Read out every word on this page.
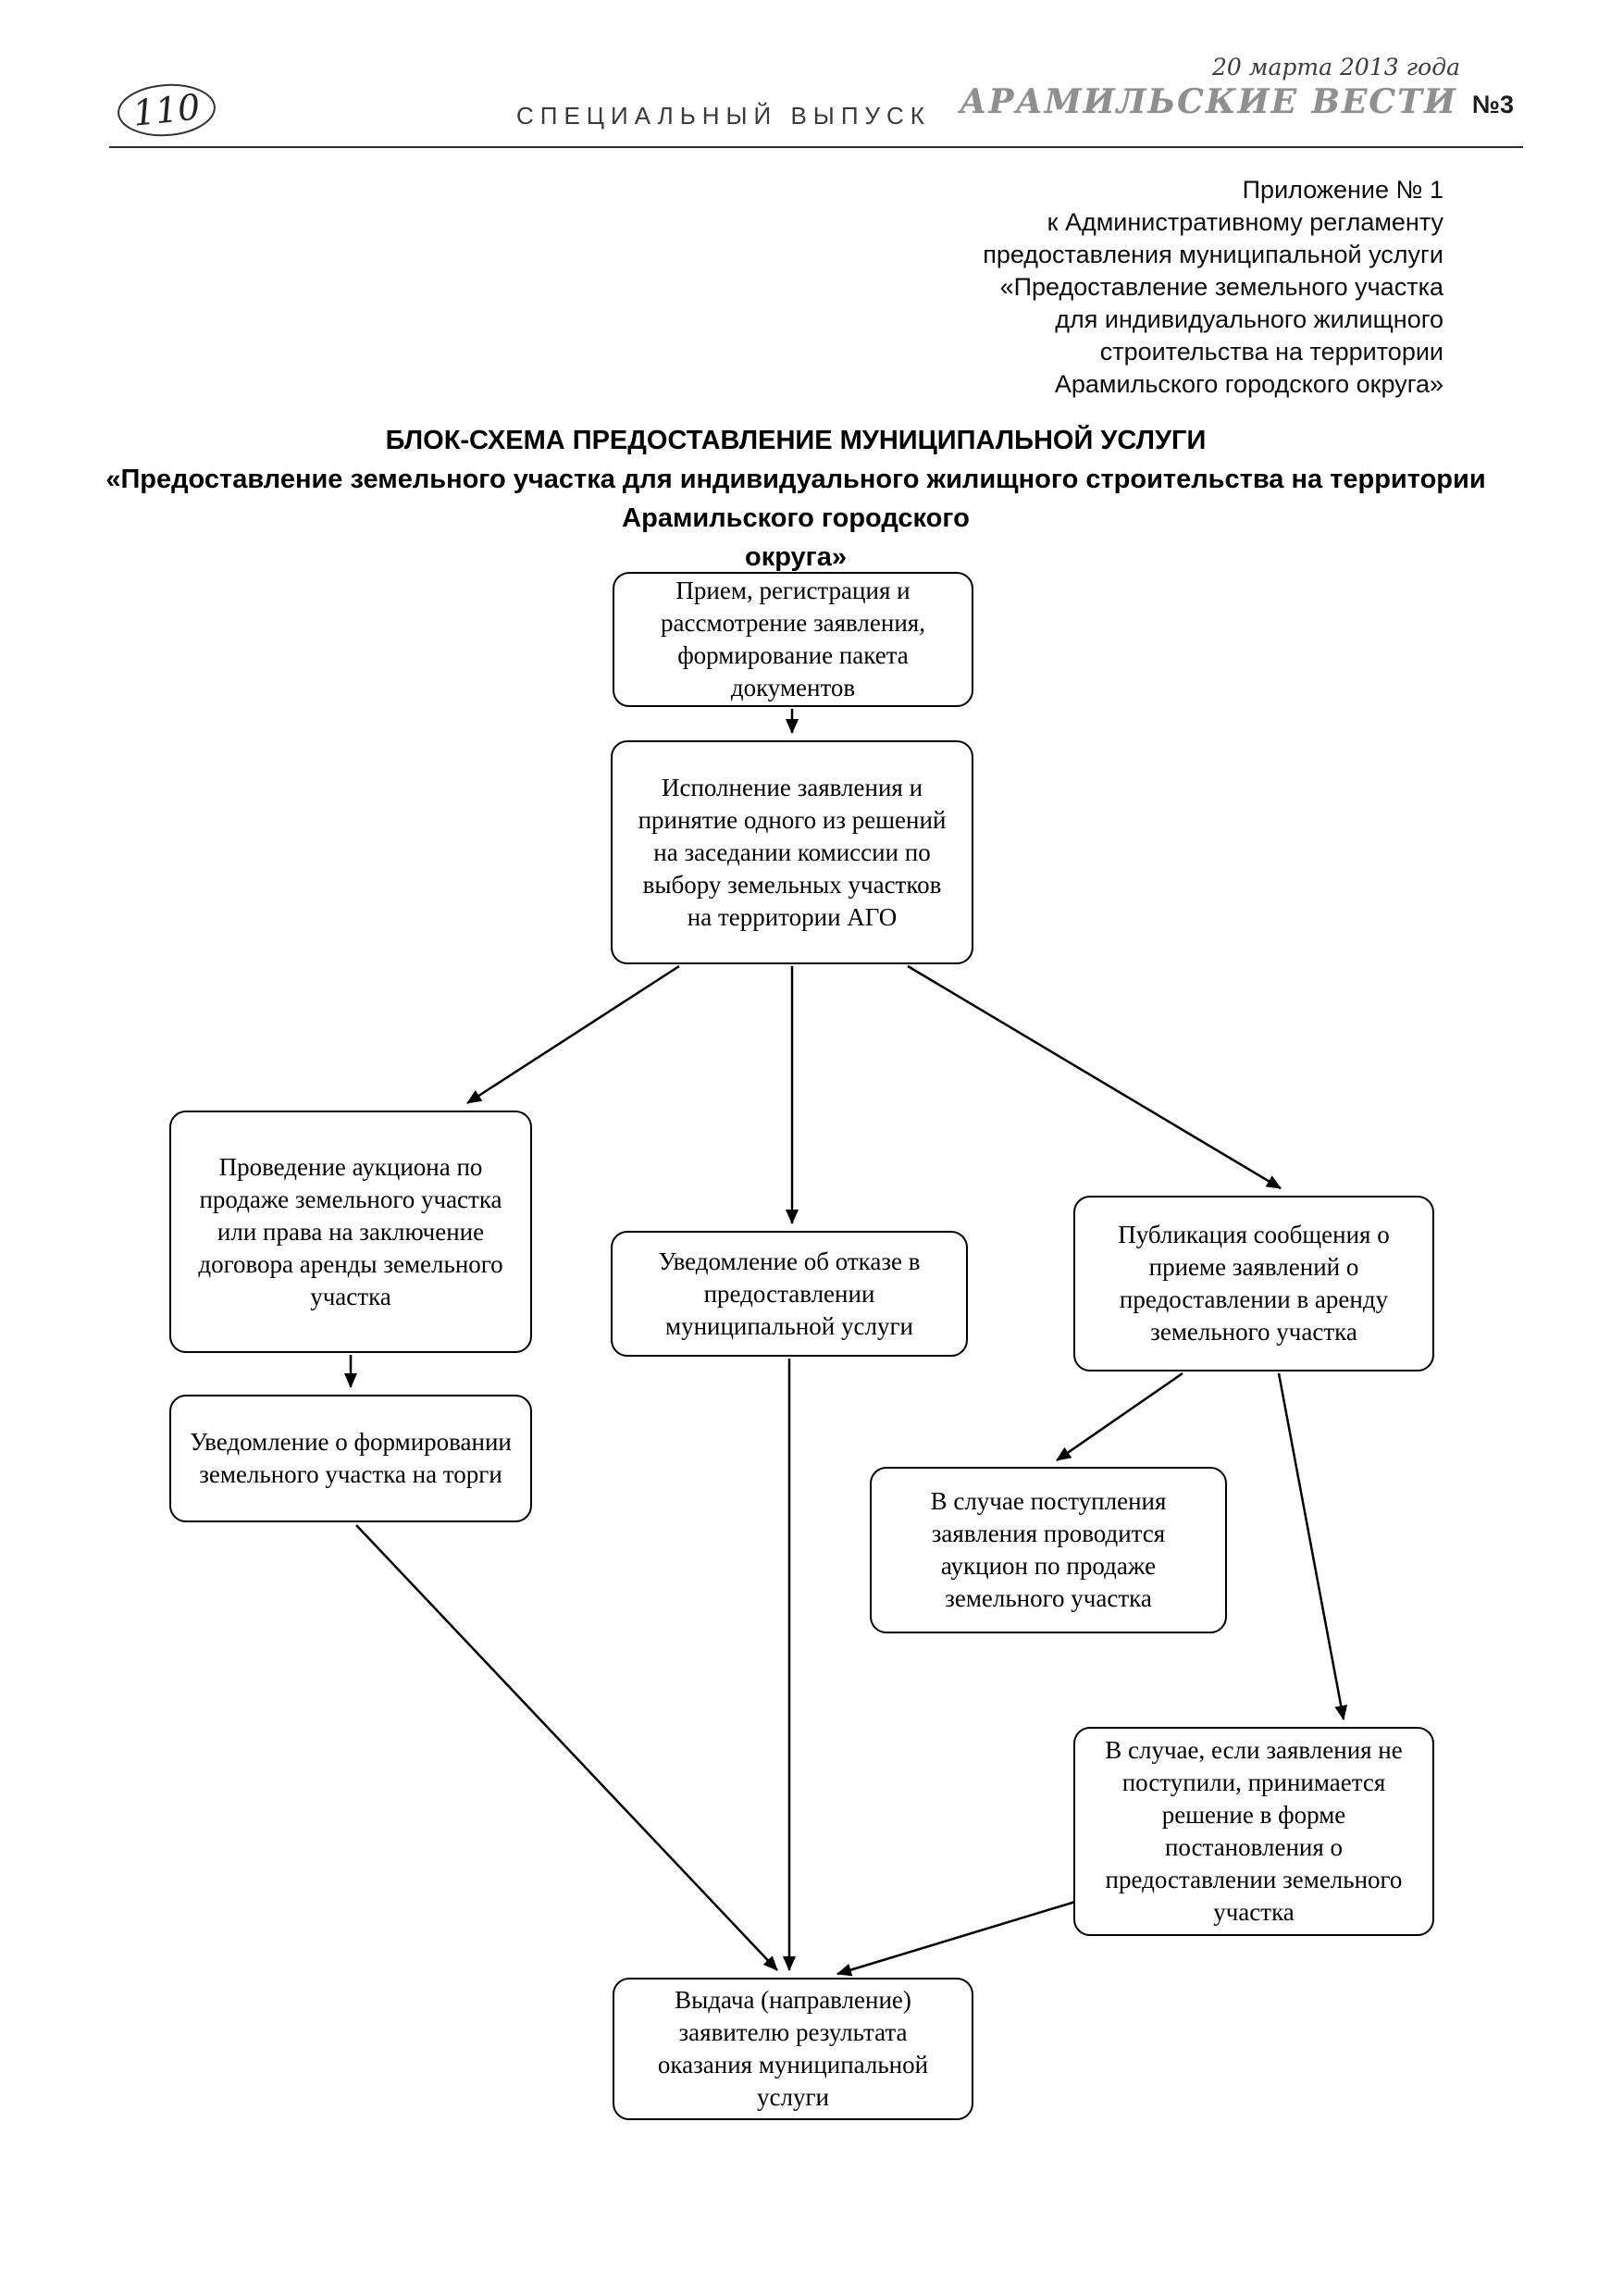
110	СПЕЦИАЛЬНЫЙ ВЫПУСК
20 марта 2013 года
АРАМИЛЬСКИЕ ВЕСТИ №3
Приложение № 1
к Административному регламенту
предоставления муниципальной услуги
«Предоставление земельного участка
для индивидуального жилищного
строительства на территории
Арамильского городского округа»
БЛОК-СХЕМА ПРЕДОСТАВЛЕНИЕ МУНИЦИПАЛЬНОЙ УСЛУГИ
«Предоставление земельного участка для индивидуального жилищного строительства на территории
Арамильского городского
округа»
Прием, регистрация и рассмотрение заявления, формирование пакета документов
Исполнение заявления и принятие одного из решений на заседании комиссии по выбору земельных участков на территории АГО
Проведение аукциона по продаже земельного участка или права на заключение договора аренды земельного участка
Уведомление об отказе в предоставлении муниципальной услуги
Публикация сообщения о приеме заявлений о предоставлении в аренду земельного участка
Уведомление о формировании земельного участка на торги
В случае поступления заявления проводится аукцион по продаже земельного участка
В случае, если заявления не поступили, принимается решение в форме постановления о предоставлении земельного участка
Выдача (направление) заявителю результата оказания муниципальной услуги
